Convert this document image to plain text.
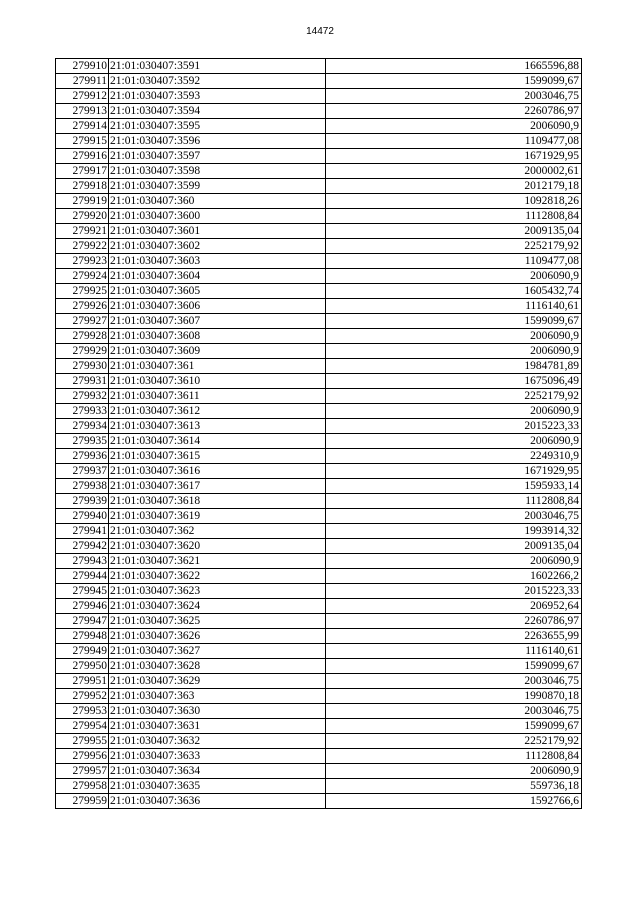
14472
279910	21:01:030407:3591	1665596,88
279911	21:01:030407:3592	1599099,67
279912	21:01:030407:3593	2003046,75
279913	21:01:030407:3594	2260786,97
279914	21:01:030407:3595	2006090,9
279915	21:01:030407:3596	1109477,08
279916	21:01:030407:3597	1671929,95
279917	21:01:030407:3598	2000002,61
279918	21:01:030407:3599	2012179,18
279919	21:01:030407:360	1092818,26
279920	21:01:030407:3600	1112808,84
279921	21:01:030407:3601	2009135,04
279922	21:01:030407:3602	2252179,92
279923	21:01:030407:3603	1109477,08
279924	21:01:030407:3604	2006090,9
279925	21:01:030407:3605	1605432,74
279926	21:01:030407:3606	1116140,61
279927	21:01:030407:3607	1599099,67
279928	21:01:030407:3608	2006090,9
279929	21:01:030407:3609	2006090,9
279930	21:01:030407:361	1984781,89
279931	21:01:030407:3610	1675096,49
279932	21:01:030407:3611	2252179,92
279933	21:01:030407:3612	2006090,9
279934	21:01:030407:3613	2015223,33
279935	21:01:030407:3614	2006090,9
279936	21:01:030407:3615	2249310,9
279937	21:01:030407:3616	1671929,95
279938	21:01:030407:3617	1595933,14
279939	21:01:030407:3618	1112808,84
279940	21:01:030407:3619	2003046,75
279941	21:01:030407:362	1993914,32
279942	21:01:030407:3620	2009135,04
279943	21:01:030407:3621	2006090,9
279944	21:01:030407:3622	1602266,2
279945	21:01:030407:3623	2015223,33
279946	21:01:030407:3624	206952,64
279947	21:01:030407:3625	2260786,97
279948	21:01:030407:3626	2263655,99
279949	21:01:030407:3627	1116140,61
279950	21:01:030407:3628	1599099,67
279951	21:01:030407:3629	2003046,75
279952	21:01:030407:363	1990870,18
279953	21:01:030407:3630	2003046,75
279954	21:01:030407:3631	1599099,67
279955	21:01:030407:3632	2252179,92
279956	21:01:030407:3633	1112808,84
279957	21:01:030407:3634	2006090,9
279958	21:01:030407:3635	559736,18
279959	21:01:030407:3636	1592766,6
